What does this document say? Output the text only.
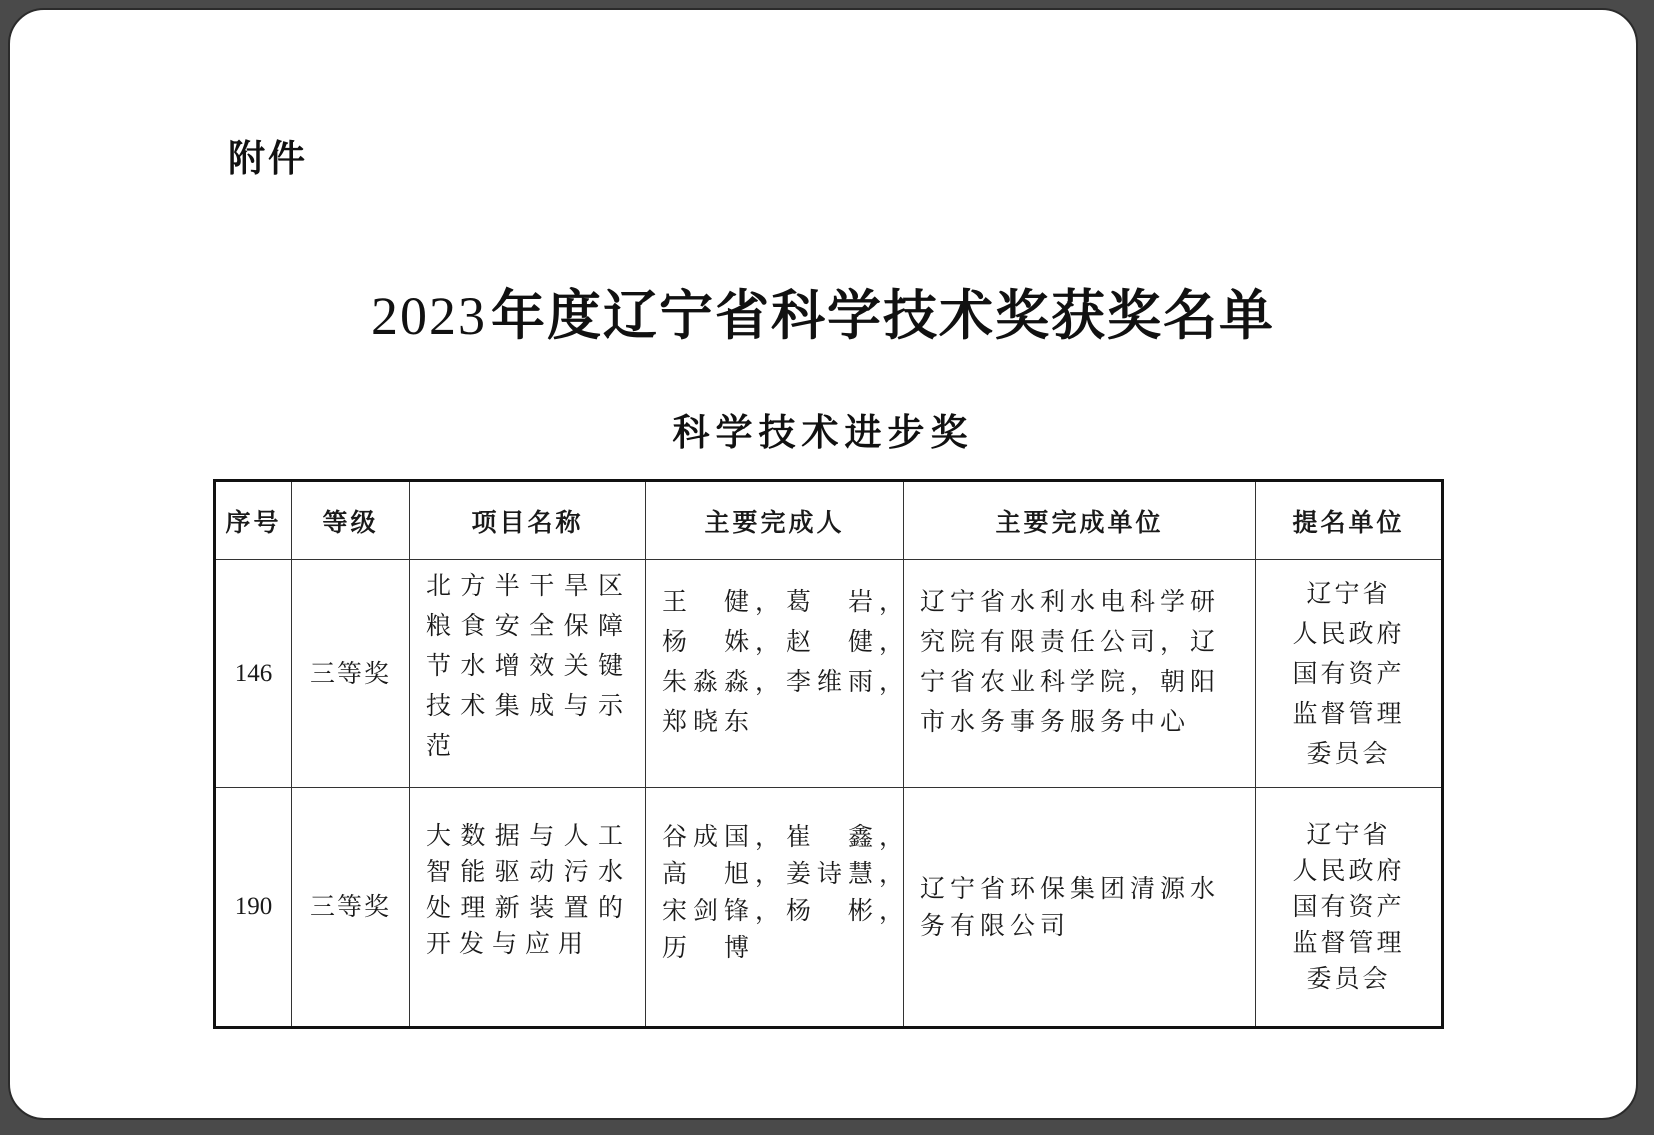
附件
2023年度辽宁省科学技术奖获奖名单
科学技术进步奖
序号	等级	项目名称	主要完成人	主要完成单位	提名单位
146	三等奖	北方半干旱区
粮食安全保障
节水增效关键
技术集成与示
范	王　健，葛　岩，
杨　姝，赵　健，
朱淼淼，李维雨，
郑晓东	辽宁省水利水电科学研
究院有限责任公司，辽
宁省农业科学院，朝阳
市水务事务服务中心	辽宁省
人民政府
国有资产
监督管理
委员会

190	三等奖	大数据与人工
智能驱动污水
处理新装置的
开发与应用	谷成国，崔　鑫，
高　旭，姜诗慧，
宋剑锋，杨　彬，
历　博	辽宁省环保集团清源水
务有限公司	辽宁省
人民政府
国有资产
监督管理
委员会
